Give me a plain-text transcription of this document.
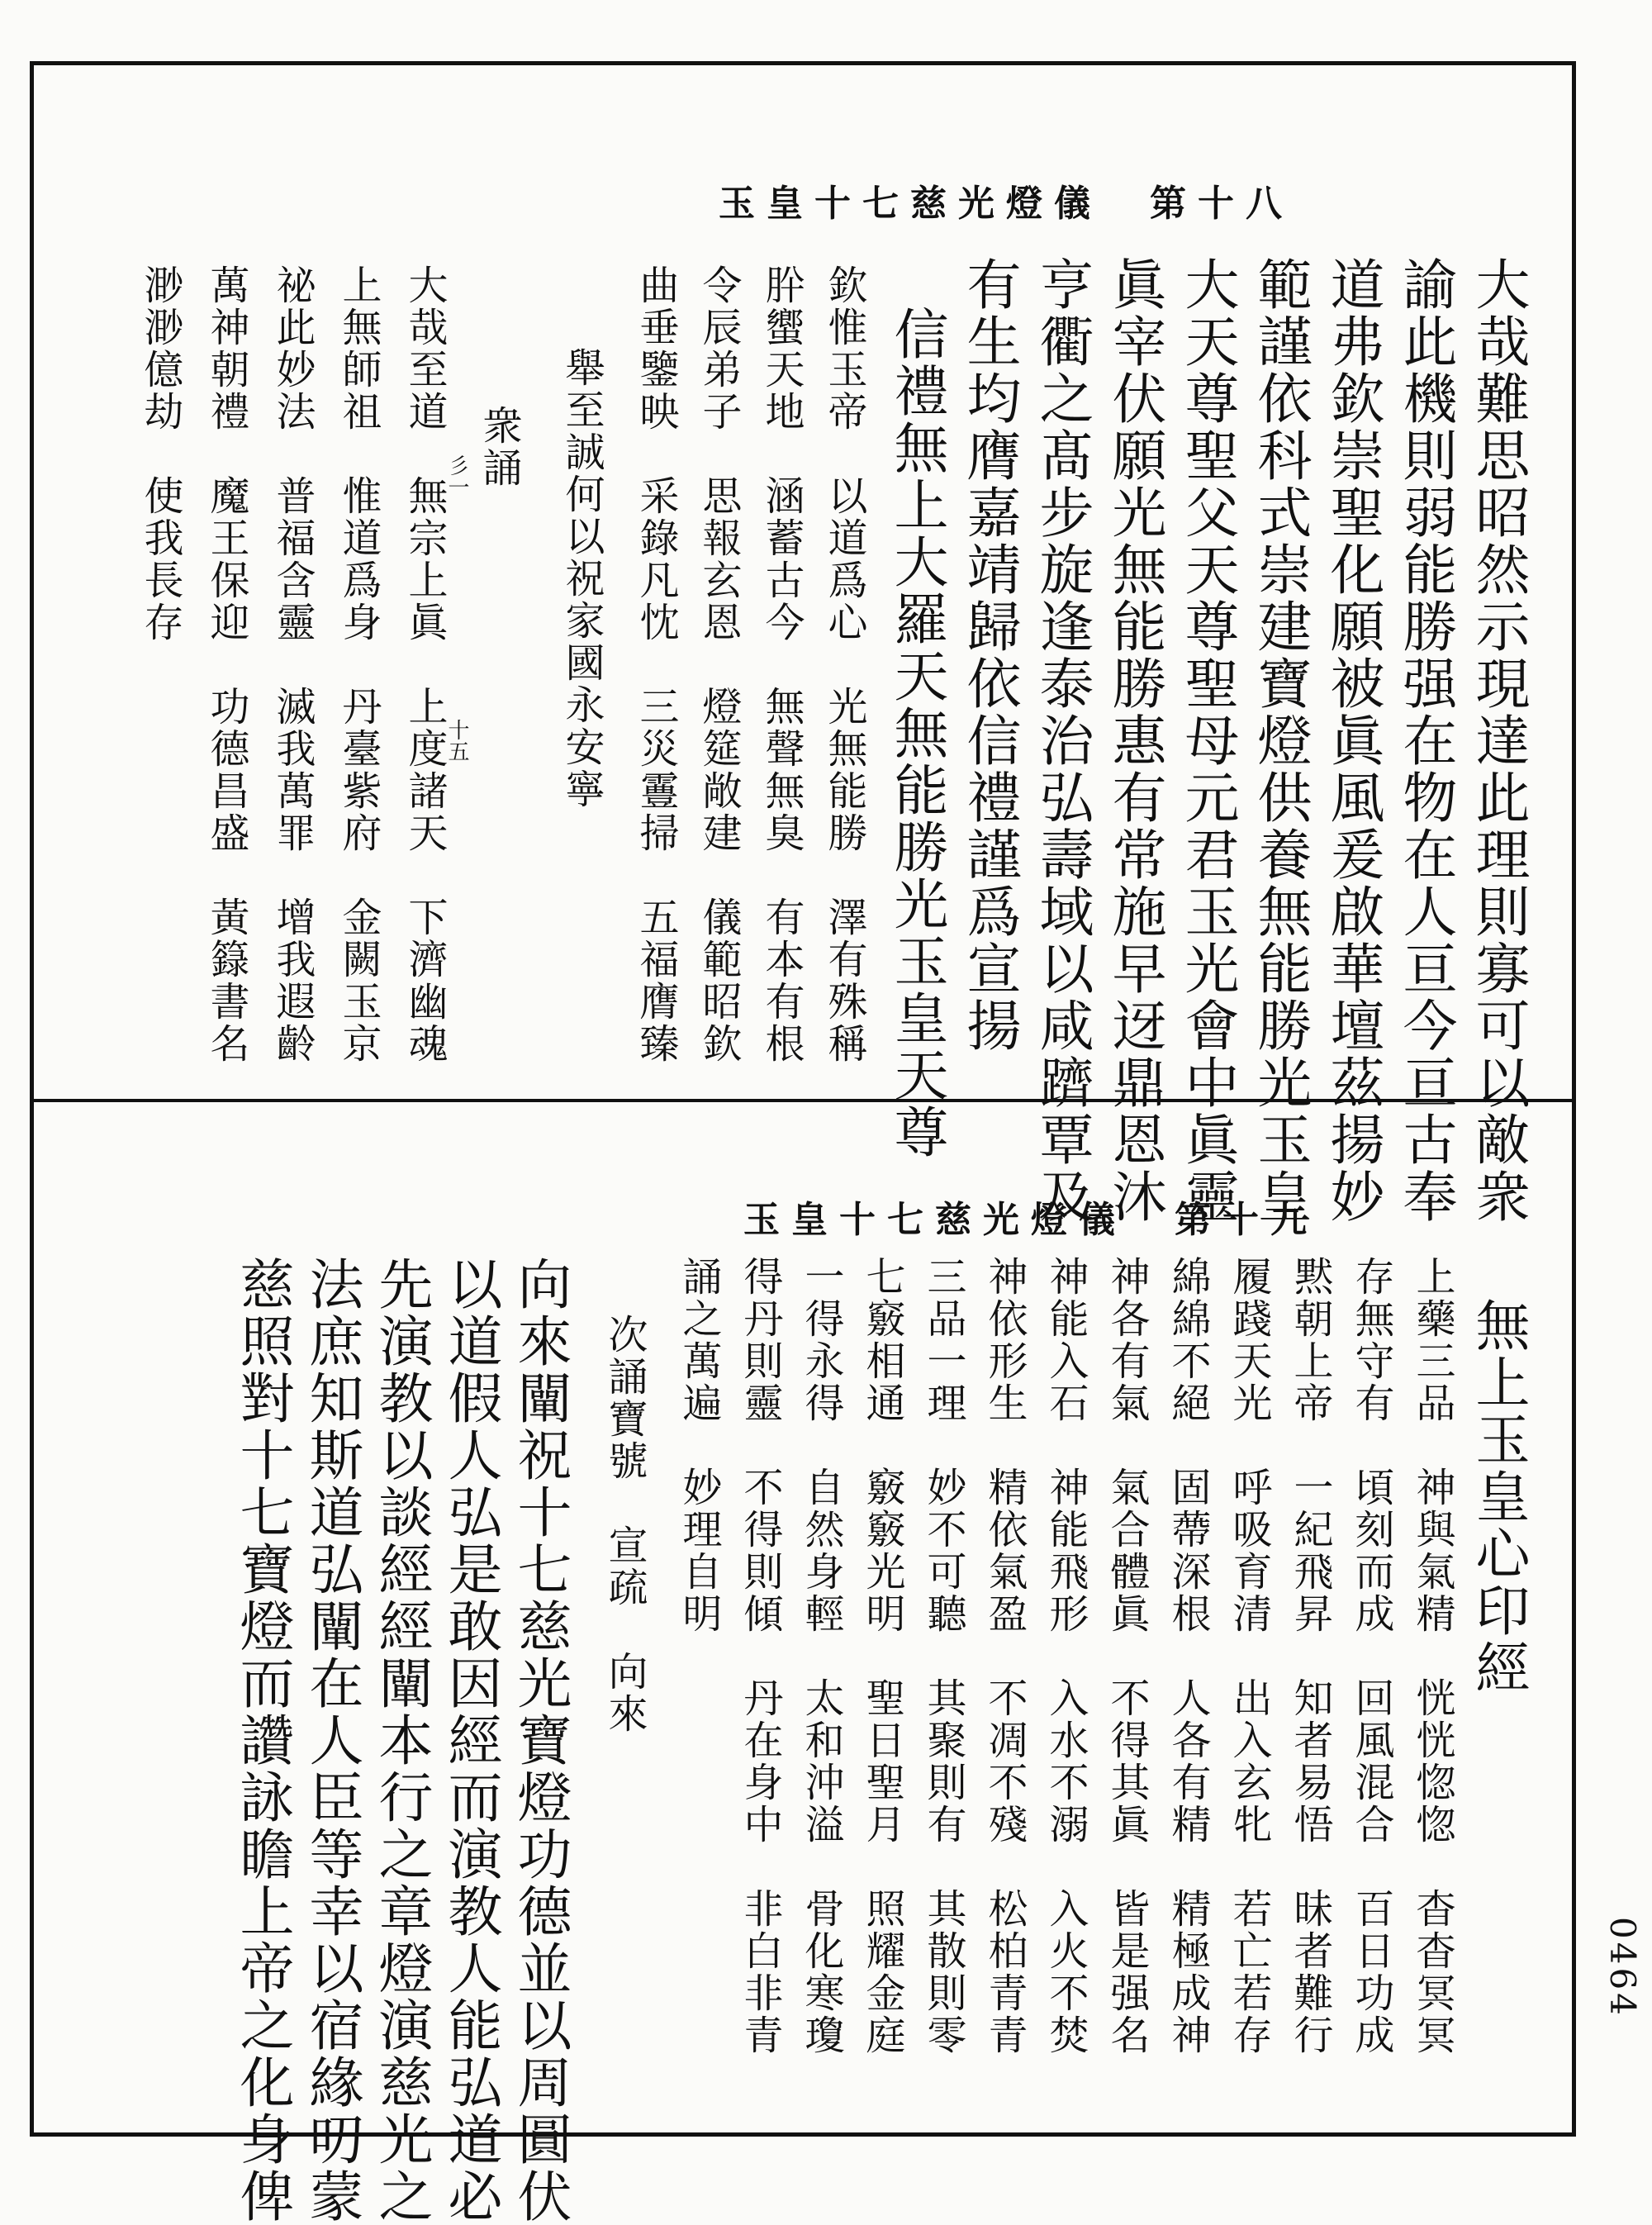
玉皇十七慈光燈儀　第十八
大哉難思昭然示現達此理則寡可以敵衆
諭此機則弱能勝强在物在人亘今亘古奉
道弗欽崇聖化願被眞風爰啟華壇茲揚妙
範謹依科式崇建寶燈供養無能勝光玉皇
大天尊聖父天尊聖母元君玉光會中眞靈
眞宰伏願光無能勝惠有常施早迓鼎恩沐
亨衢之髙步旋逢泰治弘壽域以咸躋覃及
有生均膺嘉靖歸依信禮謹爲宣揚
信禮無上大羅天無能勝光玉皇天尊
欽惟玉帝　以道爲心　光無能勝　澤有殊稱
肸蠁天地　涵蓄古今　無聲無臭　有本有根
令辰弟子　思報玄恩　燈筵敞建　儀範昭欽
曲垂鑒映　采錄凡忱　三災霻掃　五福膺臻
舉至誠何以祝家國永安寧
衆誦
大哉至道　無宗上眞　上度諸天　下濟幽魂
上無師祖　惟道爲身　丹臺紫府　金闕玉京
祕此妙法　普福含靈　滅我萬罪　增我遐齡
萬神朝禮　魔王保迎　功德昌盛　黃籙書名
渺渺億劫　使我長存
十五
彡一
玉皇十七慈光燈儀　第十九
無上玉皇心印經
上藥三品　神與氣精　恍恍惚惚　杳杳冥冥
存無守有　頃刻而成　回風混合　百日功成
黙朝上帝　一紀飛昇　知者易悟　昧者難行
履踐天光　呼吸育清　出入玄牝　若亡若存
綿綿不絕　固蔕深根　人各有精　精極成神
神各有氣　氣合體眞　不得其眞　皆是强名
神能入石　神能飛形　入水不溺　入火不焚
神依形生　精依氣盈　不凋不殘　松柏青青
三品一理　妙不可聽　其聚則有　其散則零
七竅相通　竅竅光明　聖日聖月　照耀金庭
一得永得　自然身輕　太和沖溢　骨化寒瓊
得丹則靈　不得則傾　丹在身中　非白非青
誦之萬遍　妙理自明
次誦寶號　宣疏　向來
向來闡祝十七慈光寶燈功德並以周圓伏
以道假人弘是敢因經而演教人能弘道必
先演教以談經經闡本行之章燈演慈光之
法庶知斯道弘闡在人臣等幸以宿緣叨蒙
慈照對十七寶燈而讚詠瞻上帝之化身俾	0464
